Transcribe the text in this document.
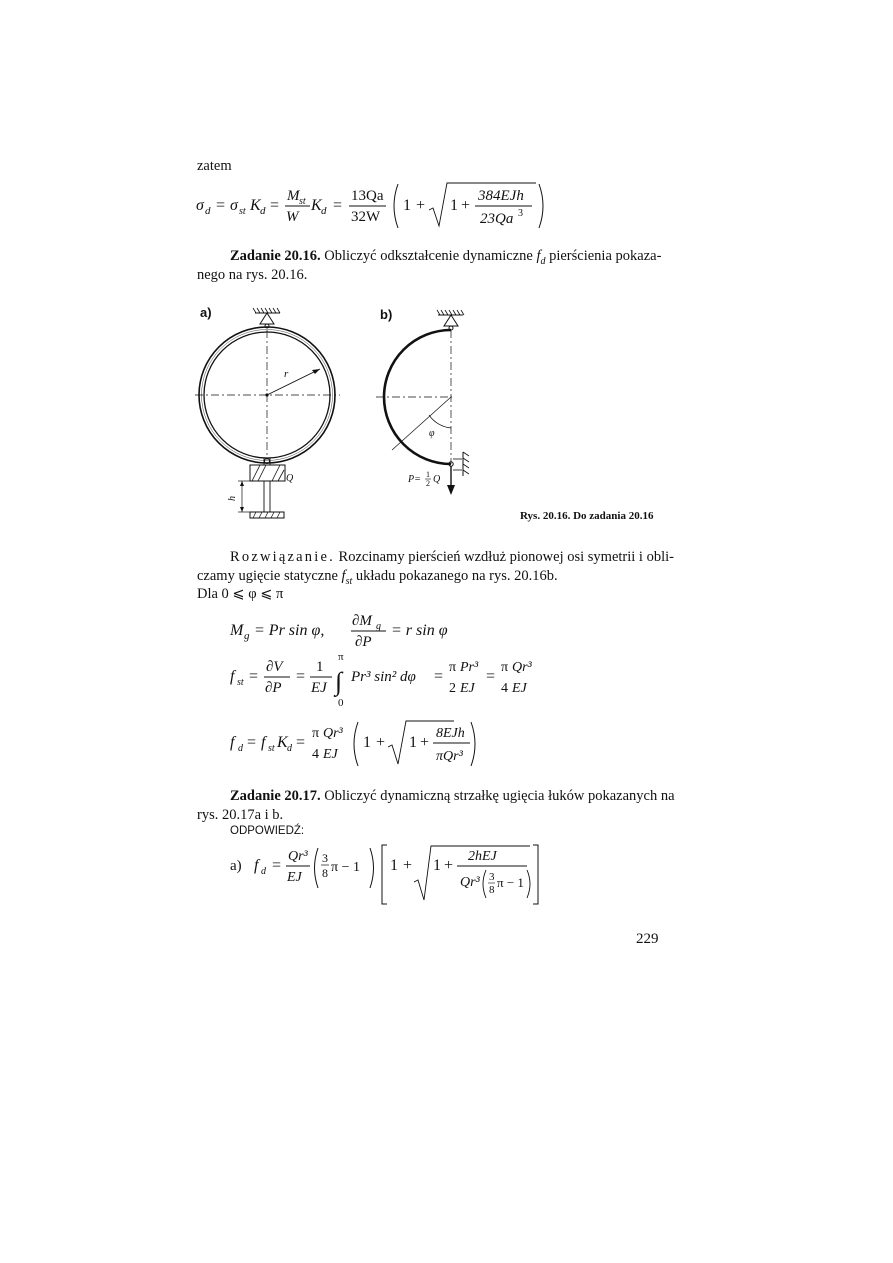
zatem
σ d = σ st K d =
M st
W
K d =
13Qa
32W
1 + 1 +
384EJh
23Qa 3
Zadanie 20.16. Obliczyć odkształcenie dynamiczne $f_d$ pierścienia pokaza-
nego na rys. 20.16.
a)	b)
r
Q
h
φ
P= 1
2 Q
Rys. 20.16. Do zadania 20.16
Rozwiązanie. Rozcinamy pierścień wzdłuż pionowej osi symetrii i obli-
czamy ugięcie statyczne $f_{st}$ układu pokazanego na rys. 20.16b.
Dla 0 ⩽ φ ⩽ π
M g = Pr sin φ,
∂M g
∂P
= r sin φ
f st =
∂V
∂P
=
1
EJ
π
∫
0
Pr³ sin² dφ =
π Pr³
2 EJ
=
π Qr³
4 EJ
f d = f st K d =
π Qr³
4 EJ
1 + 1 +
8EJh
πQr³
Zadanie 20.17. Obliczyć dynamiczną strzałkę ugięcia łuków pokazanych na
rys. 20.17a i b.
ODPOWIEDŹ:
a) f d =
Qr³
EJ
3
8 π − 1 1 + 1 +
2hEJ
Qr³ 3
8 π − 1
229
